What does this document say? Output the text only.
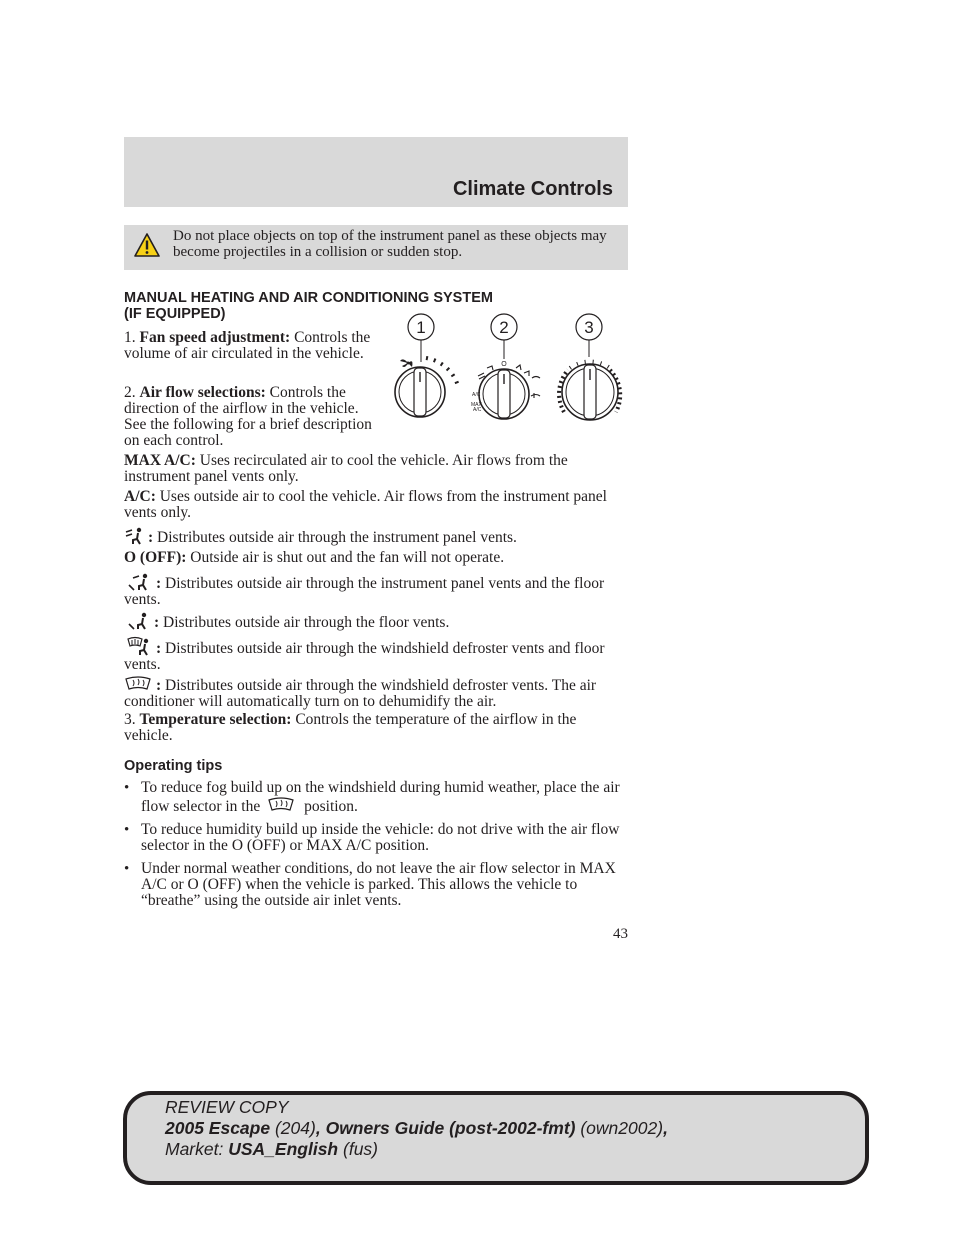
Climate Controls
Do not place objects on top of the instrument panel as these objects may become projectiles in a collision or sudden stop.
MANUAL HEATING AND AIR CONDITIONING SYSTEM
(IF EQUIPPED)
1. Fan speed adjustment: Controls the volume of air circulated in the vehicle.
2. Air flow selections: Controls the direction of the airflow in the vehicle. See the following for a brief description on each control.
1	2	3
O
A/C
MAX
A/C
MAX A/C: Uses recirculated air to cool the vehicle. Air flows from the instrument panel vents only.
A/C: Uses outside air to cool the vehicle. Air flows from the instrument panel vents only.
: Distributes outside air through the instrument panel vents.
O (OFF): Outside air is shut out and the fan will not operate.
: Distributes outside air through the instrument panel vents and the floor vents.
: Distributes outside air through the floor vents.
: Distributes outside air through the windshield defroster vents and floor vents.
: Distributes outside air through the windshield defroster vents. The air conditioner will automatically turn on to dehumidify the air.
3. Temperature selection: Controls the temperature of the airflow in the vehicle.
Operating tips
• To reduce fog build up on the windshield during humid weather, place the air flow selector in the	position.
• To reduce humidity build up inside the vehicle: do not drive with the air flow selector in the O (OFF) or MAX A/C position.
• Under normal weather conditions, do not leave the air flow selector in MAX A/C or O (OFF) when the vehicle is parked. This allows the vehicle to “breathe” using the outside air inlet vents.
43
REVIEW COPY
2005 Escape (204), Owners Guide (post-2002-fmt) (own2002),
Market: USA_English (fus)
